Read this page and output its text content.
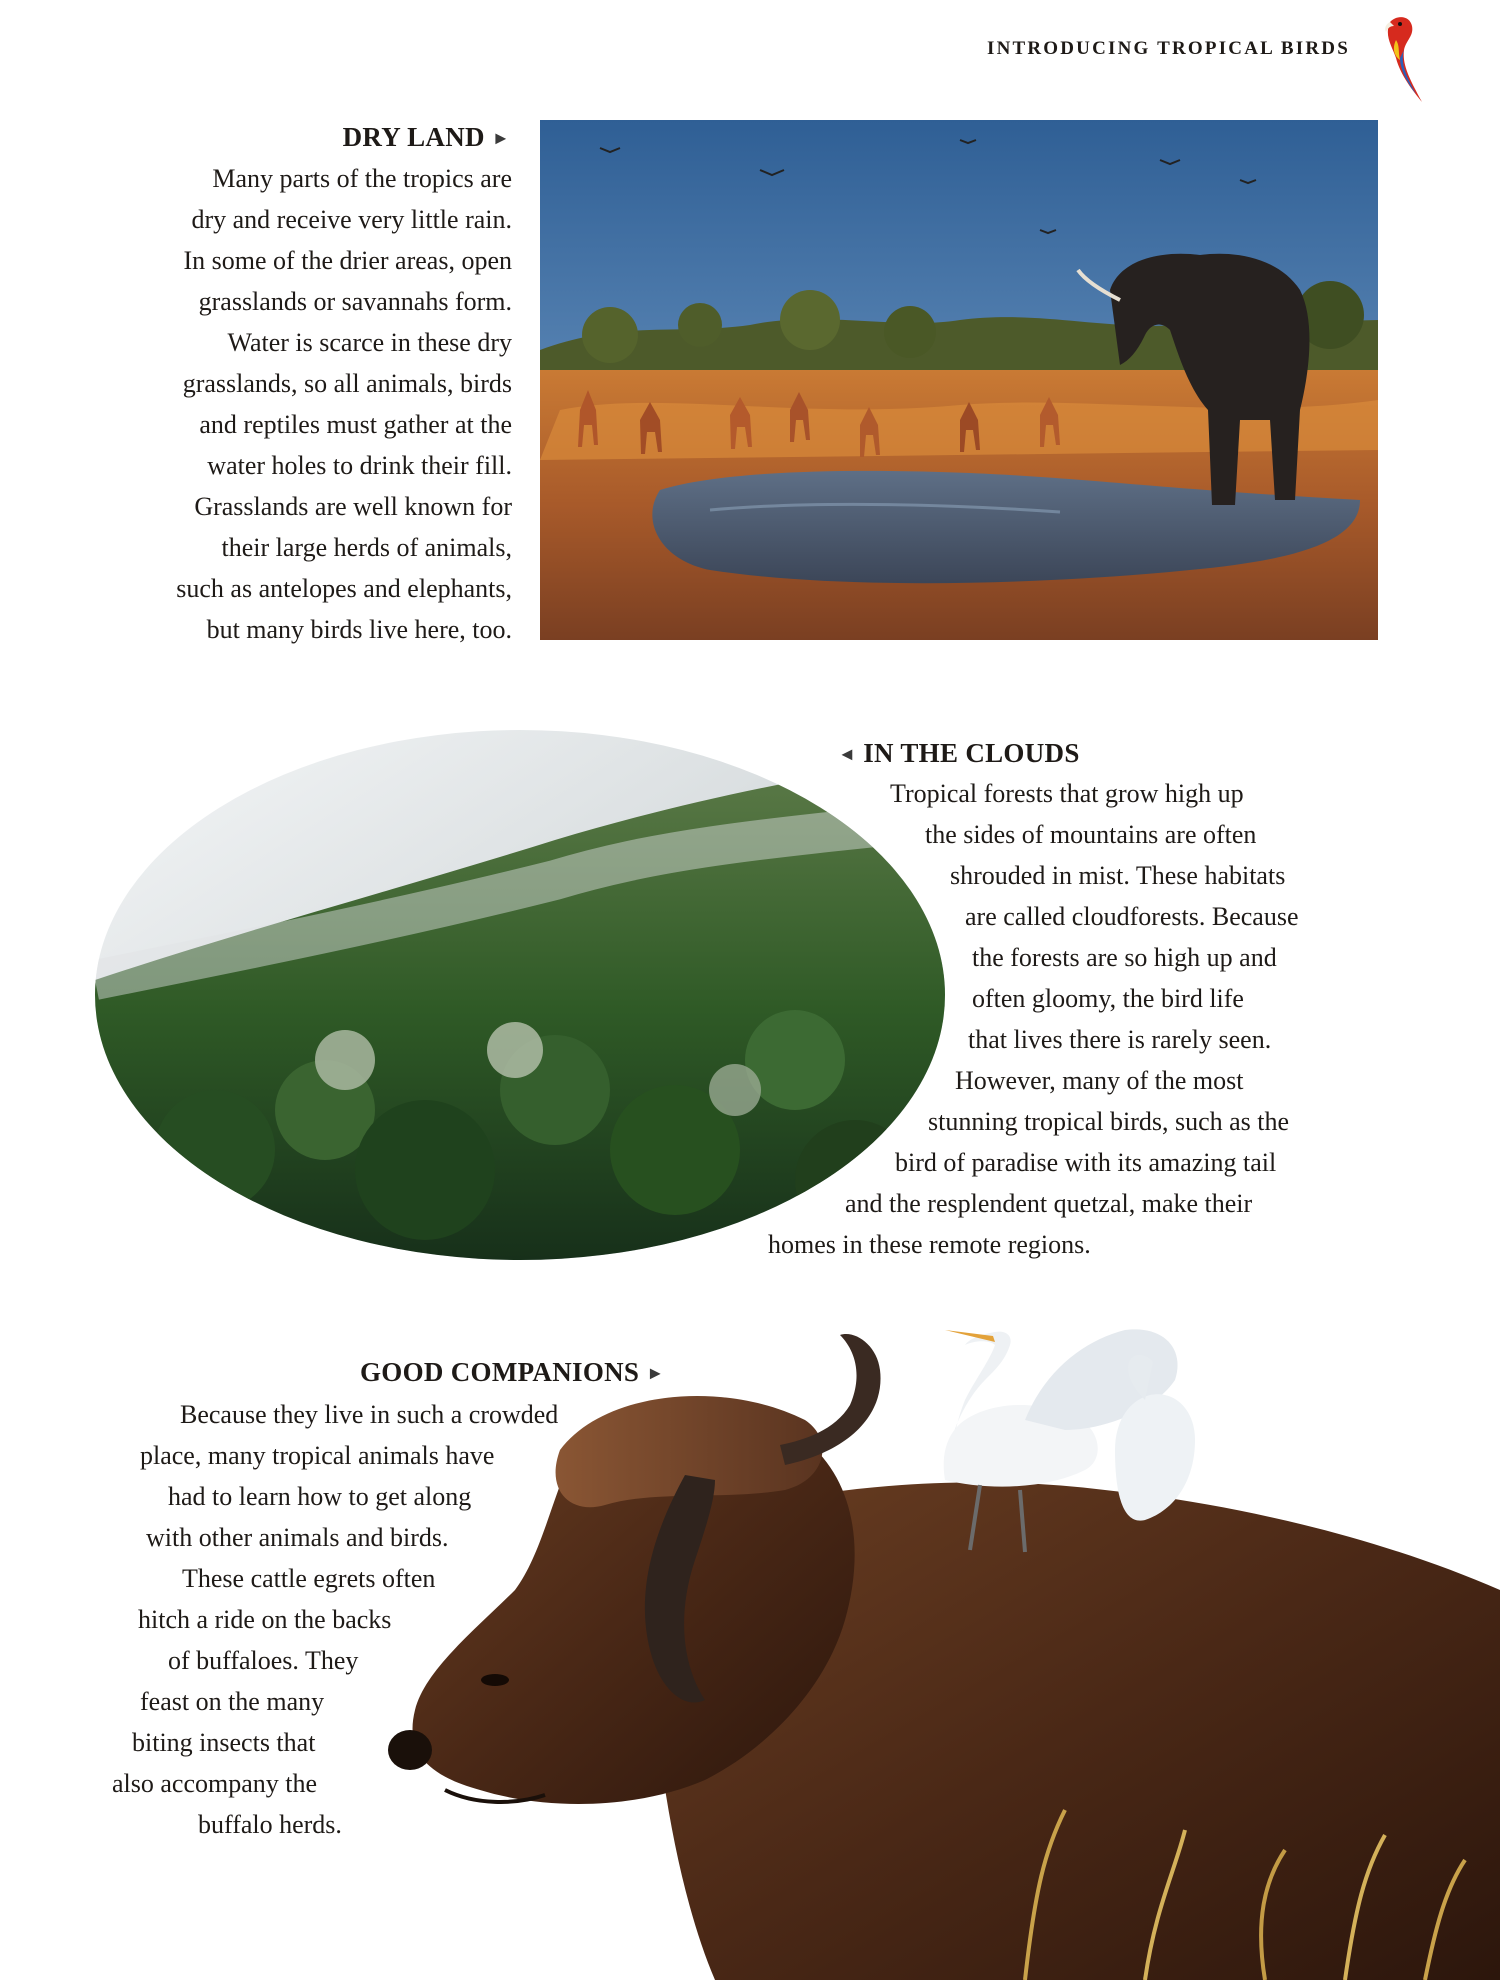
INTRODUCING TROPICAL BIRDS
DRY LAND ►
Many parts of the tropics are
dry and receive very little rain.
In some of the drier areas, open
grasslands or savannahs form.
Water is scarce in these dry
grasslands, so all animals, birds
and reptiles must gather at the
water holes to drink their fill.
Grasslands are well known for
their large herds of animals,
such as antelopes and elephants,
but many birds live here, too.
◄ IN THE CLOUDS
Tropical forests that grow high up
the sides of mountains are often
shrouded in mist. These habitats
are called cloudforests. Because
the forests are so high up and
often gloomy, the bird life
that lives there is rarely seen.
However, many of the most
stunning tropical birds, such as the
bird of paradise with its amazing tail
and the resplendent quetzal, make their
homes in these remote regions.
GOOD COMPANIONS ►
Because they live in such a crowded
place, many tropical animals have
had to learn how to get along
with other animals and birds.
These cattle egrets often
hitch a ride on the backs
of buffaloes. They
feast on the many
biting insects that
also accompany the
buffalo herds.
